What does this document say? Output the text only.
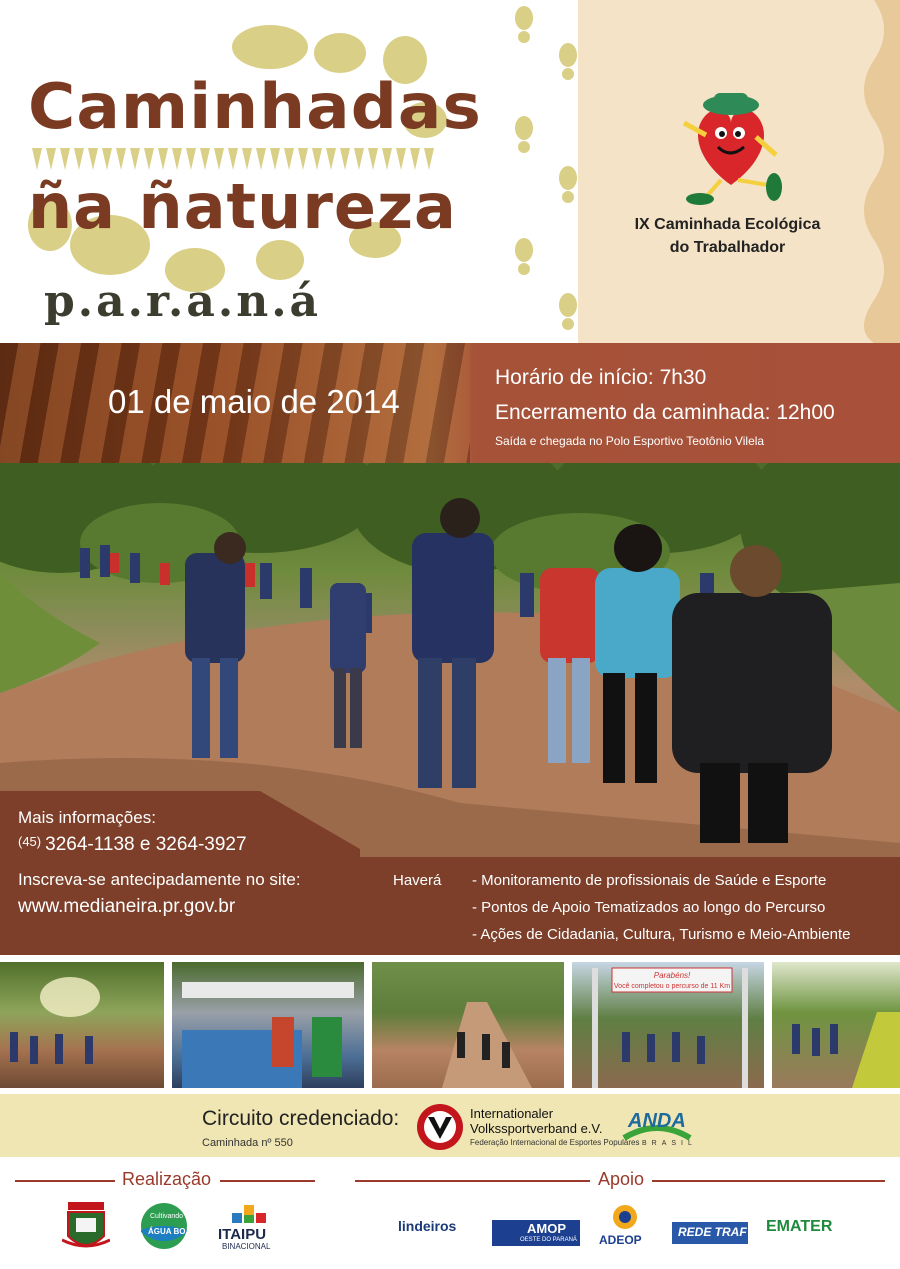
Caminhadas
ña ñatureza
p.a.r.a.n.á
IX Caminhada Ecológica
do Trabalhador
01 de maio de 2014
Horário de início: 7h30
Encerramento da caminhada: 12h00
Saída e chegada no Polo Esportivo Teotônio Vilela
Mais informações:
$^{(45)}$ 3264-1138 e 3264-3927
Inscreva-se antecipadamente no site:
www.medianeira.pr.gov.br
Haverá - Monitoramento de profissionais de Saúde e Esporte
- Pontos de Apoio Tematizados ao longo do Percurso
- Ações de Cidadania, Cultura, Turismo e Meio-Ambiente
Parabéns!
Você completou o percurso de 11 Km
Circuito credenciado:
Caminhada nº 550
Internationaler
Volkssportverband e.V.
Federação Internacional de Esportes Populares
ANDA
BRASIL
Realização	Apoio
Cultivando
ÁGUA BOA ITAIPU
BINACIONAL
lindeiros	AMOP
OESTE DO PARANÁ ADEOP
REDE TRAF EMATER
